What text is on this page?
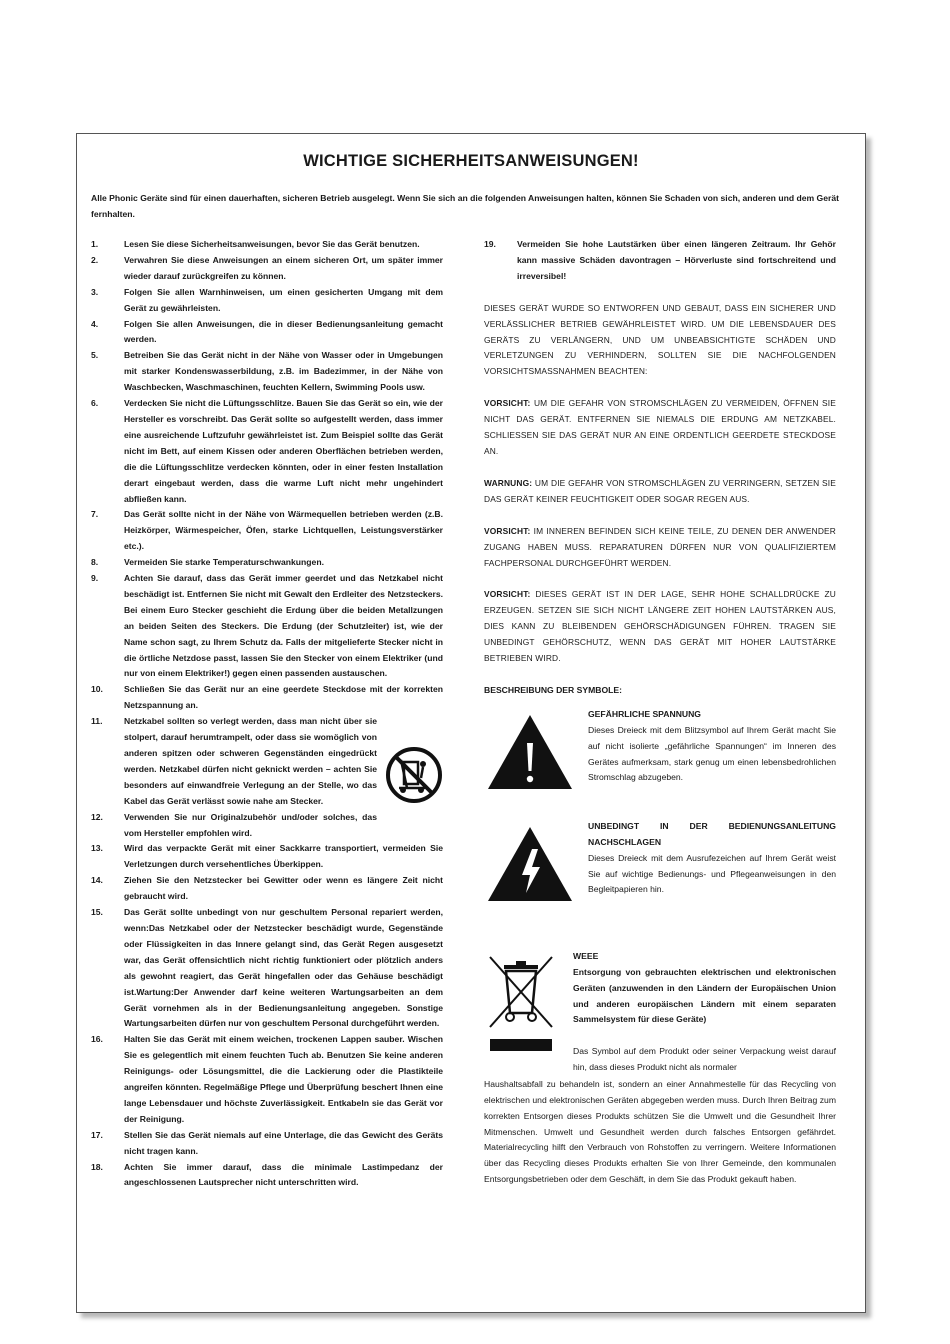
WICHTIGE SICHERHEITSANWEISUNGEN!
Alle Phonic Geräte sind für einen dauerhaften, sicheren Betrieb ausgelegt. Wenn Sie sich an die folgenden Anweisungen halten, können Sie Schaden von sich, anderen und dem Gerät fernhalten.
1.	Lesen Sie diese Sicherheitsanweisungen, bevor Sie das Gerät benutzen.
2.	Verwahren Sie diese Anweisungen an einem sicheren Ort, um später immer wieder darauf zurückgreifen zu können.
3.	Folgen Sie allen Warnhinweisen, um einen gesicherten Umgang mit dem Gerät zu gewährleisten.
4.	Folgen Sie allen Anweisungen, die in dieser Bedienungsanleitung gemacht werden.
5.	Betreiben Sie das Gerät nicht in der Nähe von Wasser oder in Umgebungen mit starker Kondenswasserbildung, z.B. im Badezimmer, in der Nähe von Waschbecken, Waschmaschinen, feuchten Kellern, Swimming Pools usw.
6.	Verdecken Sie nicht die Lüftungsschlitze. Bauen Sie das Gerät so ein, wie der Hersteller es vorschreibt. Das Gerät sollte so aufgestellt werden, dass immer eine ausreichende Luftzufuhr gewährleistet ist. Zum Beispiel sollte das Gerät nicht im Bett, auf einem Kissen oder anderen Oberflächen betrieben werden, die die Lüftungsschlitze verdecken könnten, oder in einer festen Installation derart eingebaut werden, dass die warme Luft nicht mehr ungehindert abfließen kann.
7.	Das Gerät sollte nicht in der Nähe von Wärmequellen betrieben werden (z.B. Heizkörper, Wärmespeicher, Öfen, starke Lichtquellen, Leistungsverstärker etc.).
8.	Vermeiden Sie starke Temperaturschwankungen.
9.	Achten Sie darauf, dass das Gerät immer geerdet und das Netzkabel nicht beschädigt ist. Entfernen Sie nicht mit Gewalt den Erdleiter des Netzsteckers. Bei einem Euro Stecker geschieht die Erdung über die beiden Metallzungen an beiden Seiten des Steckers. Die Erdung (der Schutzleiter) ist, wie der Name schon sagt, zu Ihrem Schutz da. Falls der mitgelieferte Stecker nicht in die örtliche Netzdose passt, lassen Sie den Stecker von einem Elektriker (und nur von einem Elektriker!) gegen einen passenden austauschen.
10.	Schließen Sie das Gerät nur an eine geerdete Steckdose mit der korrekten Netzspannung an.
11.	Netzkabel sollten so verlegt werden, dass man nicht über sie stolpert, darauf herumtrampelt, oder dass sie womöglich von anderen spitzen oder schweren Gegenständen eingedrückt werden. Netzkabel dürfen nicht geknickt werden – achten Sie besonders auf einwandfreie Verlegung an der Stelle, wo das Kabel das Gerät verlässt sowie nahe am Stecker.
12.	Verwenden Sie nur Originalzubehör und/oder solches, das vom Hersteller empfohlen wird.
13.	Wird das verpackte Gerät mit einer Sackkarre transportiert, vermeiden Sie Verletzungen durch versehentliches Überkippen.
14.	Ziehen Sie den Netzstecker bei Gewitter oder wenn es längere Zeit nicht gebraucht wird.
15.	Das Gerät sollte unbedingt von nur geschultem Personal repariert werden, wenn:Das Netzkabel oder der Netzstecker beschädigt wurde, Gegenstände oder Flüssigkeiten in das Innere gelangt sind, das Gerät Regen ausgesetzt war, das Gerät offensichtlich nicht richtig funktioniert oder plötzlich anders als gewohnt reagiert, das Gerät hingefallen oder das Gehäuse beschädigt ist.Wartung:Der Anwender darf keine weiteren Wartungsarbeiten an dem Gerät vornehmen als in der Bedienungsanleitung angegeben. Sonstige Wartungsarbeiten dürfen nur von geschultem Personal durchgeführt werden.
16.	Halten Sie das Gerät mit einem weichen, trockenen Lappen sauber. Wischen Sie es gelegentlich mit einem feuchten Tuch ab. Benutzen Sie keine anderen Reinigungs- oder Lösungsmittel, die die Lackierung oder die Plastikteile angreifen könnten. Regelmäßige Pflege und Überprüfung beschert Ihnen eine lange Lebensdauer und höchste Zuverlässigkeit. Entkabeln sie das Gerät vor der Reinigung.
17.	Stellen Sie das Gerät niemals auf eine Unterlage, die das Gewicht des Geräts nicht tragen kann.
18.	Achten Sie immer darauf, dass die minimale Lastimpedanz der angeschlossenen Lautsprecher nicht unterschritten wird.
19.	Vermeiden Sie hohe Lautstärken über einen längeren Zeitraum. Ihr Gehör kann massive Schäden davontragen – Hörverluste sind fortschreitend und irreversibel!

DIESES GERÄT WURDE SO ENTWORFEN UND GEBAUT, DASS EIN SICHERER UND VERLÄSSLICHER BETRIEB GEWÄHRLEISTET WIRD. UM DIE LEBENSDAUER DES GERÄTS ZU VERLÄNGERN, UND UM UNBEABSICHTIGTE SCHÄDEN UND VERLETZUNGEN ZU VERHINDERN, SOLLTEN SIE DIE NACHFOLGENDEN VORSICHTSMASSNAHMEN BEACHTEN:

VORSICHT: UM DIE GEFAHR VON STROMSCHLÄGEN ZU VERMEIDEN, ÖFFNEN SIE NICHT DAS GERÄT. ENTFERNEN SIE NIEMALS DIE ERDUNG AM NETZKABEL. SCHLIESSEN SIE DAS GERÄT NUR AN EINE ORDENTLICH GEERDETE STECKDOSE AN.

WARNUNG: UM DIE GEFAHR VON STROMSCHLÄGEN ZU VERRINGERN, SETZEN SIE DAS GERÄT KEINER FEUCHTIGKEIT ODER SOGAR REGEN AUS.

VORSICHT: IM INNEREN BEFINDEN SICH KEINE TEILE, ZU DENEN DER ANWENDER ZUGANG HABEN MUSS. REPARATUREN DÜRFEN NUR VON QUALIFIZIERTEM FACHPERSONAL DURCHGEFÜHRT WERDEN.

VORSICHT: DIESES GERÄT IST IN DER LAGE, SEHR HOHE SCHALLDRÜCKE ZU ERZEUGEN. SETZEN SIE SICH NICHT LÄNGERE ZEIT HOHEN LAUTSTÄRKEN AUS, DIES KANN ZU BLEIBENDEN GEHÖRSCHÄDIGUNGEN FÜHREN. TRAGEN SIE UNBEDINGT GEHÖRSCHUTZ, WENN DAS GERÄT MIT HOHER LAUTSTÄRKE BETRIEBEN WIRD.

BESCHREIBUNG DER SYMBOLE:

GEFÄHRLICHE SPANNUNG
Dieses Dreieck mit dem Blitzsymbol auf Ihrem Gerät macht Sie auf nicht isolierte „gefährliche Spannungen“ im Inneren des Gerätes aufmerksam, stark genug um einen lebensbedrohlichen Stromschlag abzugeben.
UNBEDINGT IN DER BEDIENUNGSANLEITUNG NACHSCHLAGEN
Dieses Dreieck mit dem Ausrufezeichen auf Ihrem Gerät weist Sie auf wichtige Bedienungs- und Pflegeanweisungen in den Begleitpapieren hin.
WEEE
Entsorgung von gebrauchten elektrischen und elektronischen Geräten (anzuwenden in den Ländern der Europäischen Union und anderen europäischen Ländern mit einem separaten Sammelsystem für diese Geräte)
Das Symbol auf dem Produkt oder seiner Verpackung weist darauf hin, dass dieses Produkt nicht als normaler
Haushaltsabfall zu behandeln ist, sondern an einer Annahmestelle für das Recycling von elektrischen und elektronischen Geräten abgegeben werden muss. Durch Ihren Beitrag zum korrekten Entsorgen dieses Produkts schützen Sie die Umwelt und die Gesundheit Ihrer Mitmenschen. Umwelt und Gesundheit werden durch falsches Entsorgen gefährdet. Materialrecycling hilft den Verbrauch von Rohstoffen zu verringern. Weitere Informationen über das Recycling dieses Produkts erhalten Sie von Ihrer Gemeinde, den kommunalen Entsorgungsbetrieben oder dem Geschäft, in dem Sie das Produkt gekauft haben.
